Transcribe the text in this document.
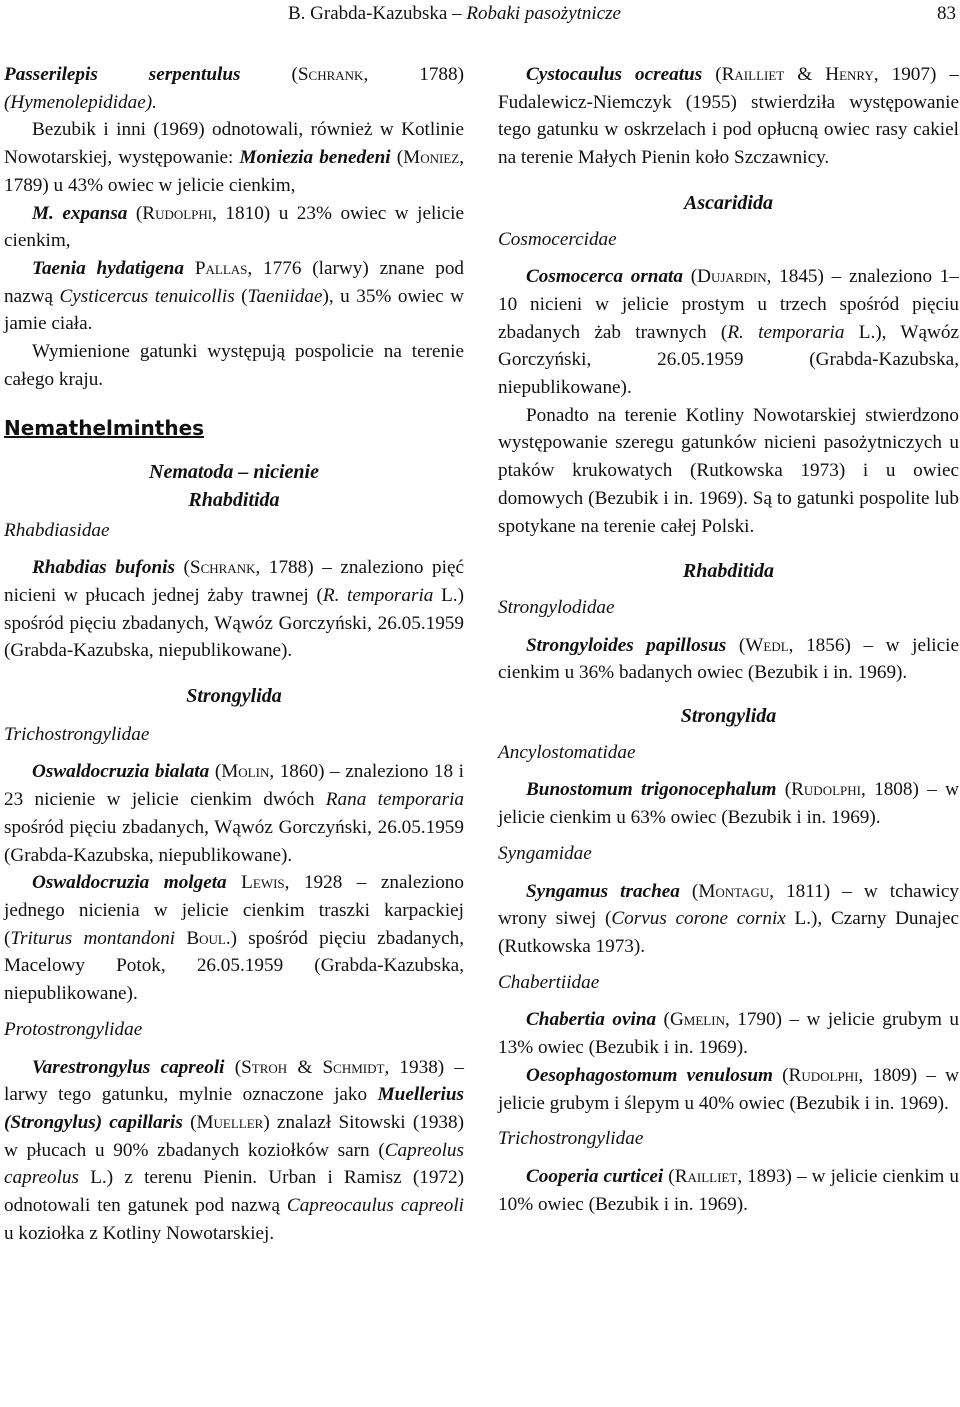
B. Grabda-Kazubska – Robaki pasożytnicze	83

Passerilepis serpentulus (Schrank, 1788) (Hymenolepididae).

Bezubik i inni (1969) odnotowali, również w Kotlinie Nowotarskiej, występowanie: Moniezia benedeni (Moniez, 1789) u 43% owiec w jelicie cienkim,

M. expansa (Rudolphi, 1810) u 23% owiec w jelicie cienkim,

Taenia hydatigena Pallas, 1776 (larwy) znane pod nazwą Cysticercus tenuicollis (Taeniidae), u 35% owiec w jamie ciała.

Wymienione gatunki występują pospolicie na terenie całego kraju.

Nemathelminthes
Nematoda – nicienie
Rhabditida
Rhabdiasidae

Rhabdias bufonis (Schrank, 1788) – znaleziono pięć nicieni w płucach jednej żaby trawnej (R. temporaria L.) spośród pięciu zbadanych, Wąwóz Gorczyński, 26.05.1959 (Grabda-Kazubska, niepublikowane).

Strongylida
Trichostrongylidae

Oswaldocruzia bialata (Molin, 1860) – znaleziono 18 i 23 nicienie w jelicie cienkim dwóch Rana temporaria spośród pięciu zbadanych, Wąwóz Gorczyński, 26.05.1959 (Grabda-Kazubska, niepublikowane).

Oswaldocruzia molgeta Lewis, 1928 – znaleziono jednego nicienia w jelicie cienkim traszki karpackiej (Triturus montandoni Boul.) spośród pięciu zbadanych, Macelowy Potok, 26.05.1959 (Grabda-Kazubska, niepublikowane).

Protostrongylidae

Varestrongylus capreoli (Stroh & Schmidt, 1938) – larwy tego gatunku, mylnie oznaczone jako Muellerius (Strongylus) capillaris (Mueller) znalazł Sitowski (1938) w płucach u 90% zbadanych koziołków sarn (Capreolus capreolus L.) z terenu Pienin. Urban i Ramisz (1972) odnotowali ten gatunek pod nazwą Capreocaulus capreoli u koziołka z Kotliny Nowotarskiej.

Cystocaulus ocreatus (Railliet & Henry, 1907) – Fudalewicz-Niemczyk (1955) stwierdziła występowanie tego gatunku w oskrzelach i pod opłucną owiec rasy cakiel na terenie Małych Pienin koło Szczawnicy.

Ascaridida
Cosmocercidae

Cosmocerca ornata (Dujardin, 1845) – znaleziono 1–10 nicieni w jelicie prostym u trzech spośród pięciu zbadanych żab trawnych (R. temporaria L.), Wąwóz Gorczyński, 26.05.1959 (Grabda-Kazubska, niepublikowane).

Ponadto na terenie Kotliny Nowotarskiej stwierdzono występowanie szeregu gatunków nicieni pasożytniczych u ptaków krukowatych (Rutkowska 1973) i u owiec domowych (Bezubik i in. 1969). Są to gatunki pospolite lub spotykane na terenie całej Polski.

Rhabditida
Strongylodidae

Strongyloides papillosus (Wedl, 1856) – w jelicie cienkim u 36% badanych owiec (Bezubik i in. 1969).

Strongylida
Ancylostomatidae

Bunostomum trigonocephalum (Rudolphi, 1808) – w jelicie cienkim u 63% owiec (Bezubik i in. 1969).

Syngamidae

Syngamus trachea (Montagu, 1811) – w tchawicy wrony siwej (Corvus corone cornix L.), Czarny Dunajec (Rutkowska 1973).

Chabertiidae

Chabertia ovina (Gmelin, 1790) – w jelicie grubym u 13% owiec (Bezubik i in. 1969).

Oesophagostomum venulosum (Rudolphi, 1809) – w jelicie grubym i ślepym u 40% owiec (Bezubik i in. 1969).

Trichostrongylidae

Cooperia curticei (Railliet, 1893) – w jelicie cienkim u 10% owiec (Bezubik i in. 1969).
